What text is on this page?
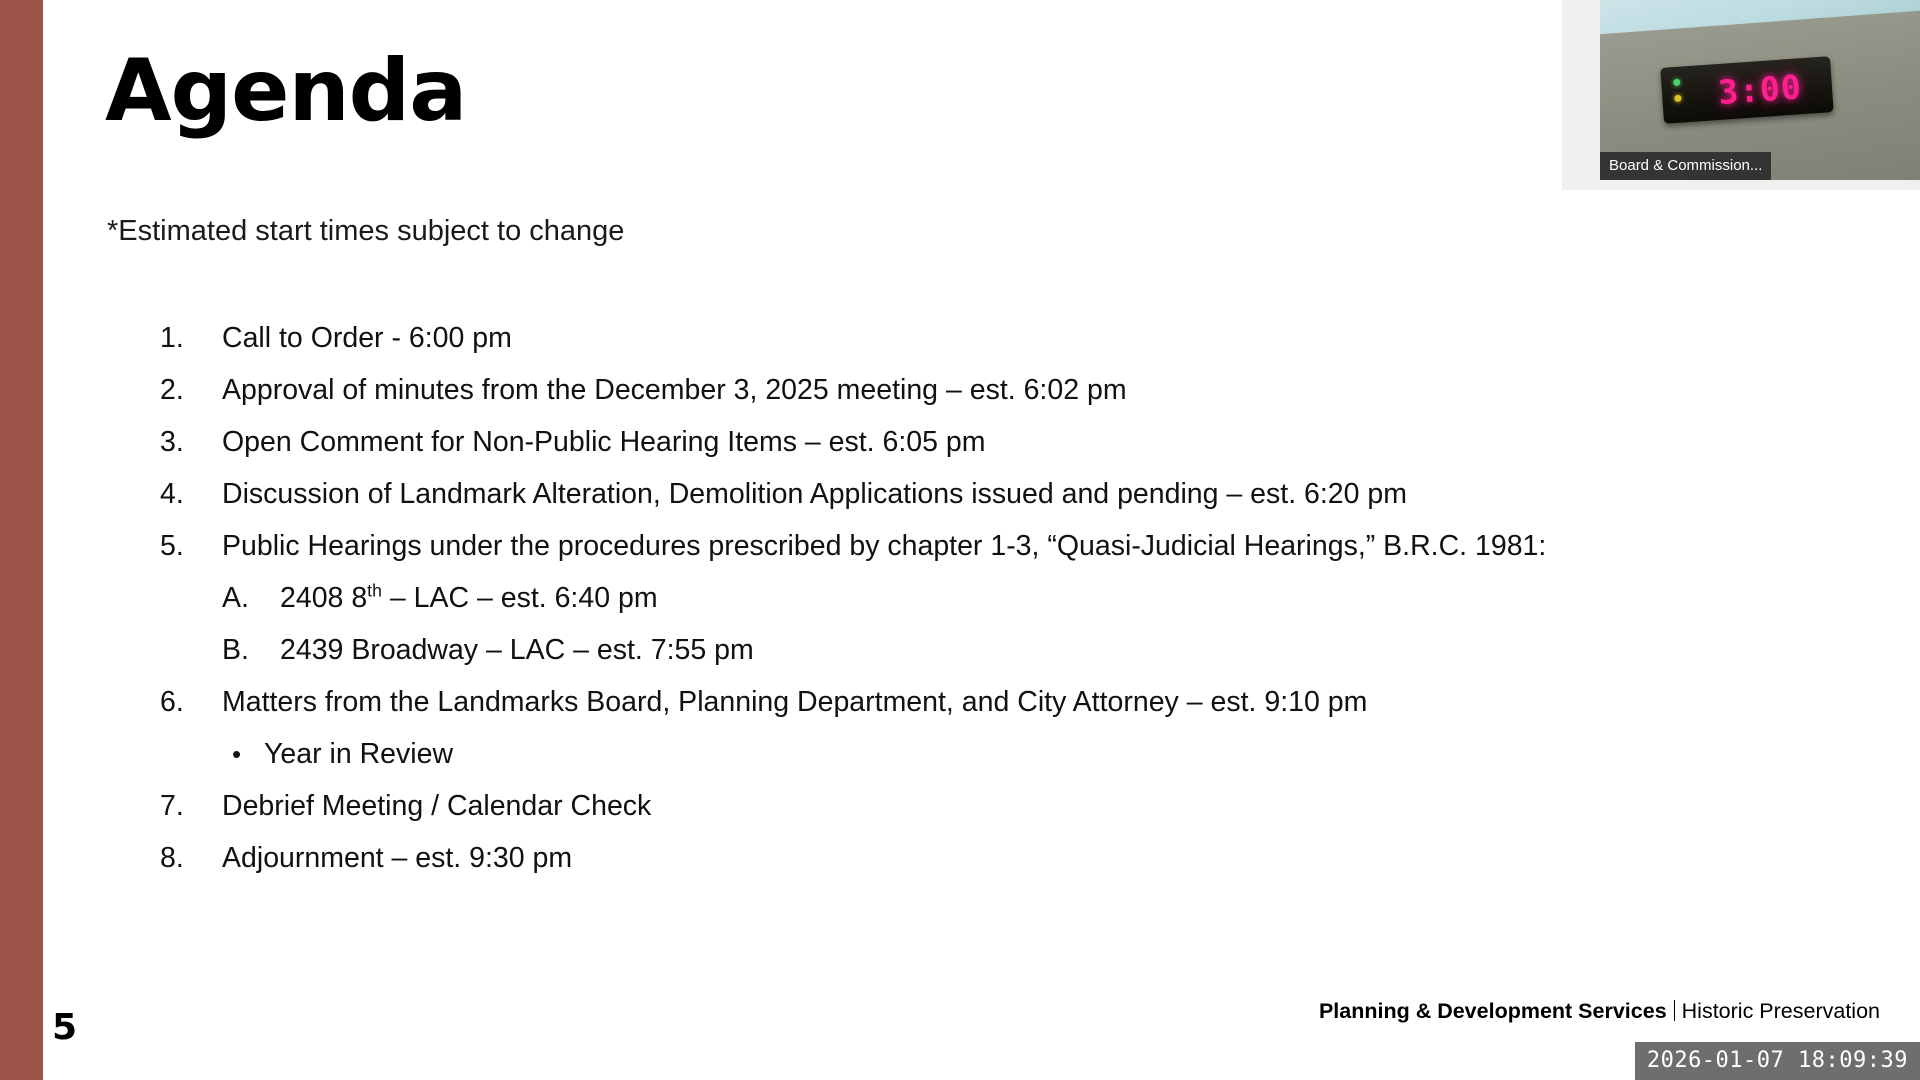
Agenda
*Estimated start times subject to change
1.	Call to Order - 6:00 pm
2.	Approval of minutes from the December 3, 2025 meeting – est. 6:02 pm
3.	Open Comment for Non-Public Hearing Items – est. 6:05 pm
4.	Discussion of Landmark Alteration, Demolition Applications issued and pending – est. 6:20 pm
5.	Public Hearings under the procedures prescribed by chapter 1-3, “Quasi-Judicial Hearings,” B.R.C. 1981:
A.	2408 8th – LAC – est. 6:40 pm
B.	2439 Broadway – LAC – est. 7:55 pm
6.	Matters from the Landmarks Board, Planning Department, and City Attorney – est. 9:10 pm
• Year in Review
7.	Debrief Meeting / Calendar Check
8.	Adjournment – est. 9:30 pm
5	Planning & Development Services Historic Preservation
2026-01-07 18:09:39
3:00
Board & Commission...
